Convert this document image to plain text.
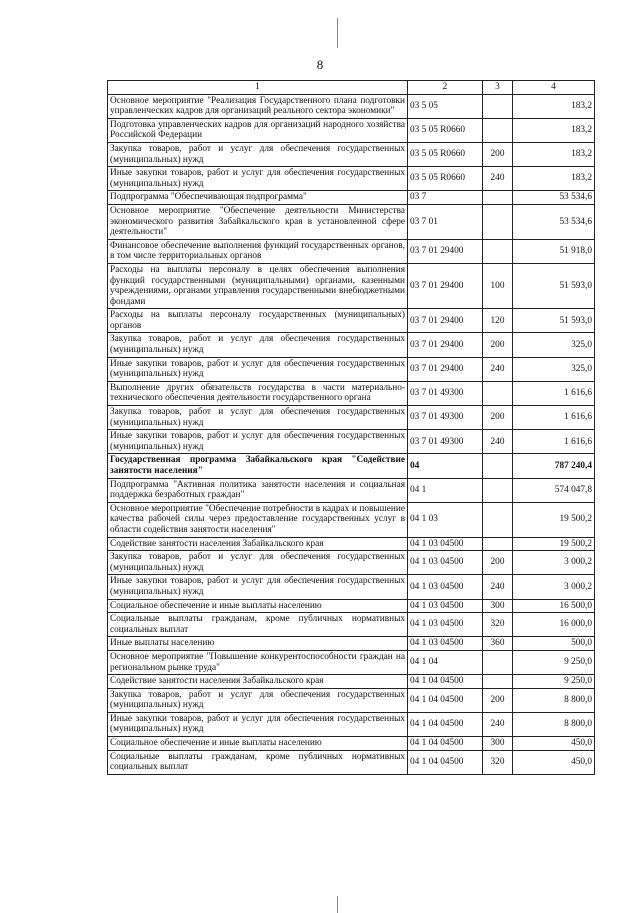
8
1	2	3	4
Основное мероприятие "Реализация Государственного плана подготовки управленческих кадров для организаций реального сектора экономики"	03 5 05		183,2
Подготовка управленческих кадров для организаций народного хозяйства Российской Федерации	03 5 05 R0660		183,2
Закупка товаров, работ и услуг для обеспечения государственных (муниципальных) нужд	03 5 05 R0660	200	183,2
Иные закупки товаров, работ и услуг для обеспечения государственных (муниципальных) нужд	03 5 05 R0660	240	183,2
Подпрограмма "Обеспечивающая подпрограмма"	03 7		53 534,6
Основное мероприятие "Обеспечение деятельности Министерства экономического развития Забайкальского края в установленной сфере деятельности"	03 7 01		53 534,6
Финансовое обеспечение выполнения функций государственных органов, в том числе территориальных органов	03 7 01 29400		51 918,0
Расходы на выплаты персоналу в целях обеспечения выполнения функций государственными (муниципальными) органами, казенными учреждениями, органами управления государственными внебюджетными фондами	03 7 01 29400	100	51 593,0
Расходы на выплаты персоналу государственных (муниципальных) органов	03 7 01 29400	120	51 593,0
Закупка товаров, работ и услуг для обеспечения государственных (муниципальных) нужд	03 7 01 29400	200	325,0
Иные закупки товаров, работ и услуг для обеспечения государственных (муниципальных) нужд	03 7 01 29400	240	325,0
Выполнение других обязательств государства в части материально-технического обеспечения деятельности государственного органа	03 7 01 49300		1 616,6
Закупка товаров, работ и услуг для обеспечения государственных (муниципальных) нужд	03 7 01 49300	200	1 616,6
Иные закупки товаров, работ и услуг для обеспечения государственных (муниципальных) нужд	03 7 01 49300	240	1 616,6
Государственная программа Забайкальского края "Содействие занятости населения"	04		787 240,4
Подпрограмма "Активная политика занятости населения и социальная поддержка безработных граждан"	04 1		574 047,8
Основное мероприятие "Обеспечение потребности в кадрах и повышение качества рабочей силы через предоставление государственных услуг в области содействия занятости населения"	04 1 03		19 500,2
Содействие занятости населения Забайкальского края	04 1 03 04500		19 500,2
Закупка товаров, работ и услуг для обеспечения государственных (муниципальных) нужд	04 1 03 04500	200	3 000,2
Иные закупки товаров, работ и услуг для обеспечения государственных (муниципальных) нужд	04 1 03 04500	240	3 000,2
Социальное обеспечение и иные выплаты населению	04 1 03 04500	300	16 500,0
Социальные выплаты гражданам, кроме публичных нормативных социальных выплат	04 1 03 04500	320	16 000,0
Иные выплаты населению	04 1 03 04500	360	500,0
Основное мероприятие "Повышение конкурентоспособности граждан на региональном рынке труда"	04 1 04		9 250,0
Содействие занятости населения Забайкальского края	04 1 04 04500		9 250,0
Закупка товаров, работ и услуг для обеспечения государственных (муниципальных) нужд	04 1 04 04500	200	8 800,0
Иные закупки товаров, работ и услуг для обеспечения государственных (муниципальных) нужд	04 1 04 04500	240	8 800,0
Социальное обеспечение и иные выплаты населению	04 1 04 04500	300	450,0
Социальные выплаты гражданам, кроме публичных нормативных социальных выплат	04 1 04 04500	320	450,0
